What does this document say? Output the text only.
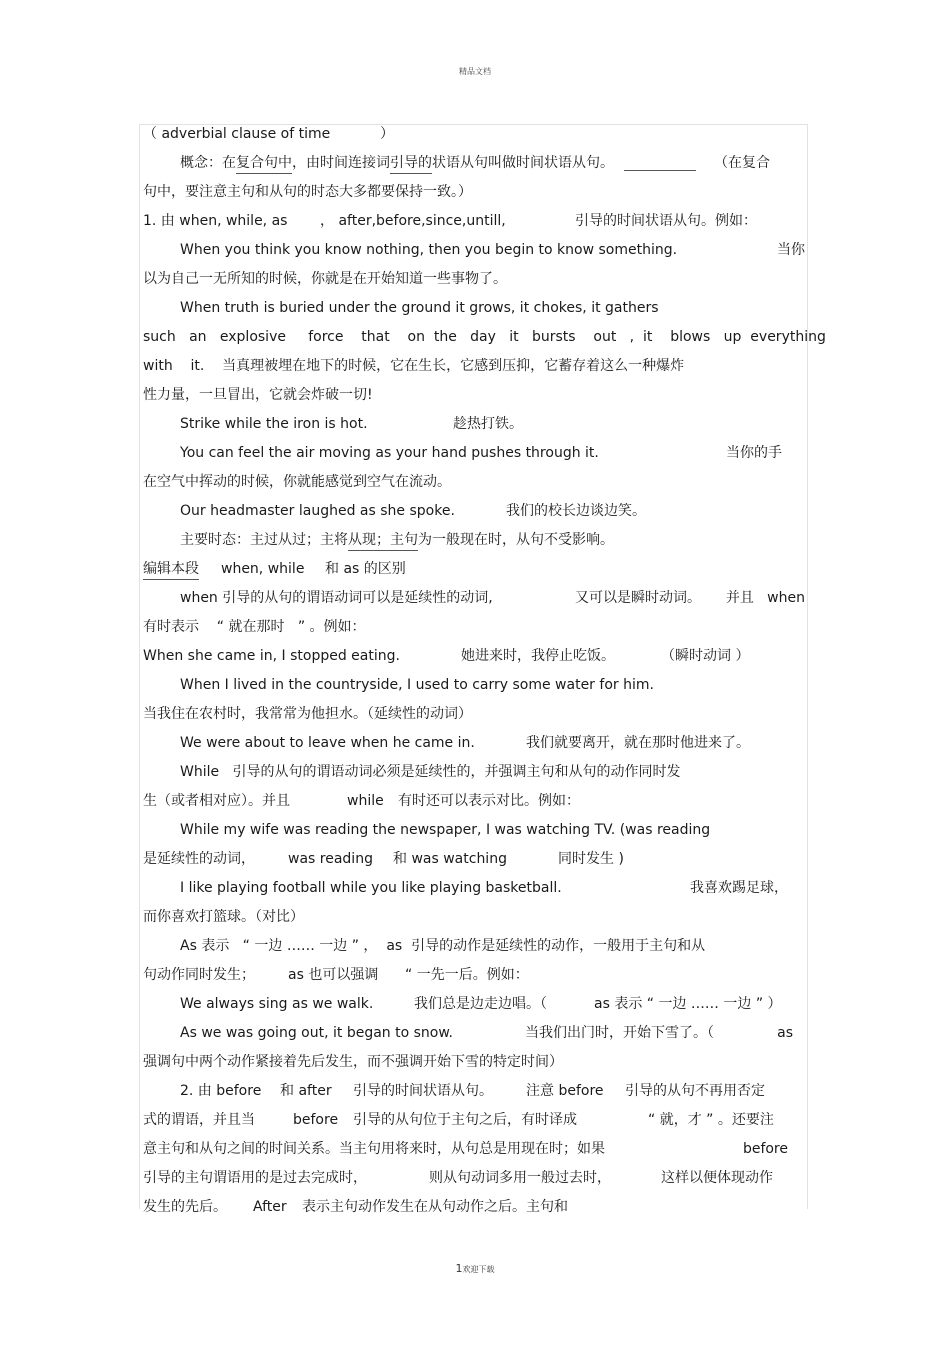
精品文档
（ adverbial clause of time	）
概念：在复合句中，由时间连接词引导的状语从句叫做时间状语从句。	（在复合
句中，要注意主句和从句的时态大多都要保持一致。）
1. 由 when, while, as ， after,before,since,untill,	引导的时间状语从句。例如：
When you think you know nothing, then you begin to know something.	当你
以为自己一无所知的时候，你就是在开始知道一些事物了。
When truth is buried under the ground it grows, it chokes, it gathers
such   an   explosive     force    that    on  the   day   it   bursts    out   ,  it    blows   up  everything
with    it.    当真理被埋在地下的时候，它在生长，它感到压抑，它蓄存着这么一种爆炸
性力量，一旦冒出，它就会炸破一切!
Strike while the iron is hot.	趁热打铁。
You can feel the air moving as your hand pushes through it.	当你的手
在空气中挥动的时候，你就能感觉到空气在流动。
Our headmaster laughed as she spoke.	我们的校长边谈边笑。
主要时态：主过从过；主将从现；主句为一般现在时，从句不受影响。
编辑本段 when, while 和 as 的区别
when 引导的从句的谓语动词可以是延续性的动词,	又可以是瞬时动词。 并且   when
有时表示    “ 就在那时   ” 。例如：
When she came in, I stopped eating.	她进来时，我停止吃饭。	（瞬时动词 ）
When I lived in the countryside, I used to carry some water for him.
当我住在农村时，我常常为他担水。（延续性的动词）
We were about to leave when he came in.	我们就要离开，就在那时他进来了。
While   引导的从句的谓语动词必须是延续性的，并强调主句和从句的动作同时发
生（或者相对应）。并且	while 有时还可以表示对比。例如：
While my wife was reading the newspaper, I was watching TV. (was reading
是延续性的动词， was reading 和 was watching	同时发生 )
I like playing football while you like playing basketball.	我喜欢踢足球，
而你喜欢打篮球。（对比）
As 表示   “ 一边 …… 一边 ” ，  as  引导的动作是延续性的动作，一般用于主句和从
句动作同时发生； as 也可以强调 “ 一先一后。例如：
We always sing as we walk.	我们总是边走边唱。（	as 表示 “ 一边 …… 一边 ” ）
As we was going out, it began to snow.	当我们出门时，开始下雪了。（	as
强调句中两个动作紧接着先后发生，而不强调开始下雪的特定时间）
2. 由 before 和 after 引导的时间状语从句。 注意 before 引导的从句不再用否定
式的谓语，并且当	before 引导的从句位于主句之后，有时译成	“ 就，才 ” 。还要注
意主句和从句之间的时间关系。当主句用将来时，从句总是用现在时；如果	before
引导的主句谓语用的是过去完成时，	则从句动词多用一般过去时，	这样以便体现动作
发生的先后。 After 表示主句动作发生在从句动作之后。主句和
1欢迎下载
